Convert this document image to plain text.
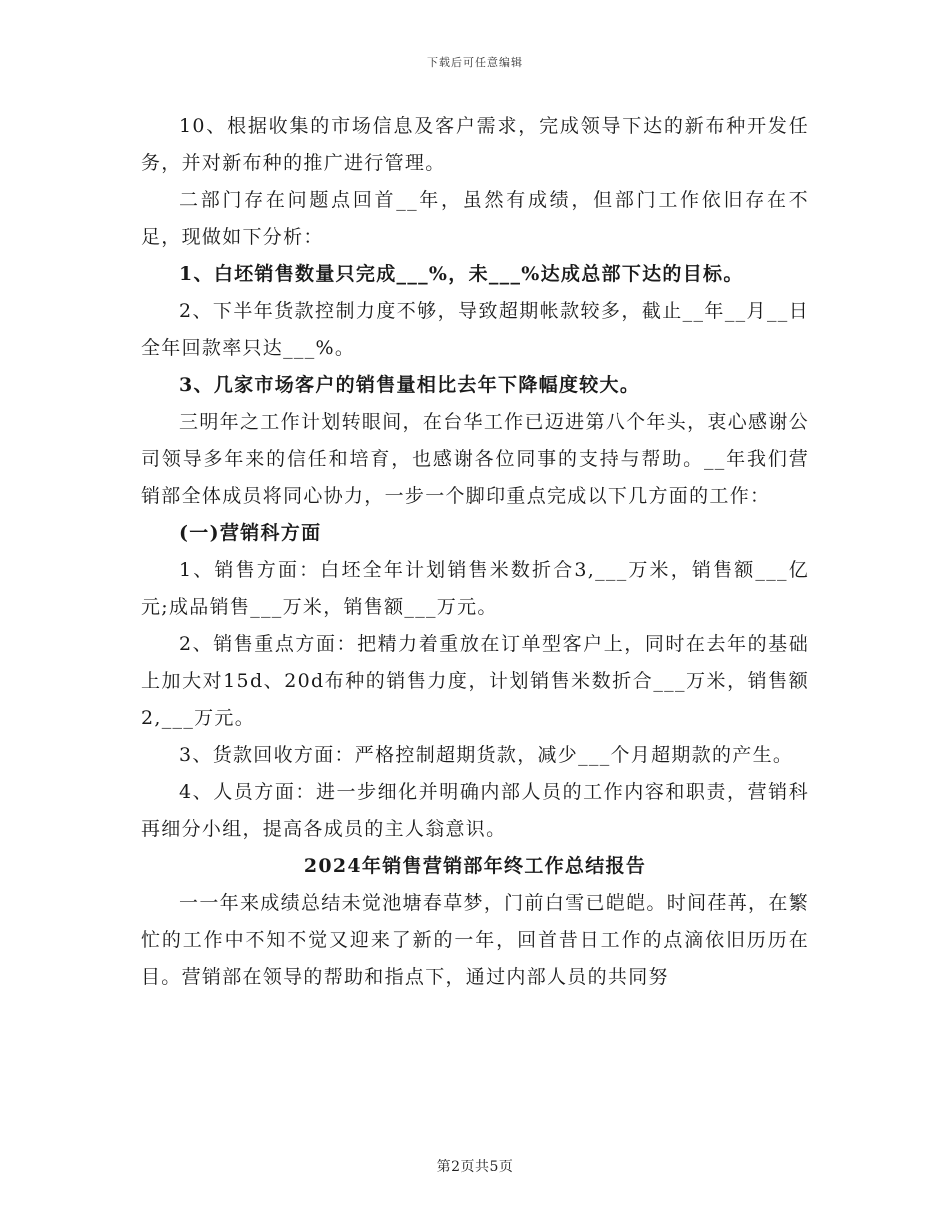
下载后可任意编辑

10、根据收集的市场信息及客户需求，完成领导下达的新布种开发任务，并对新布种的推广进行管理。

二部门存在问题点回首__年，虽然有成绩，但部门工作依旧存在不足，现做如下分析：

1、白坯销售数量只完成___%，未___%达成总部下达的目标。

2、下半年货款控制力度不够，导致超期帐款较多，截止__年__月__日全年回款率只达___%。

3、几家市场客户的销售量相比去年下降幅度较大。

三明年之工作计划转眼间，在台华工作已迈进第八个年头，衷心感谢公司领导多年来的信任和培育，也感谢各位同事的支持与帮助。__年我们营销部全体成员将同心协力，一步一个脚印重点完成以下几方面的工作：

(一)营销科方面

1、销售方面：白坯全年计划销售米数折合3,___万米，销售额___亿元;成品销售___万米，销售额___万元。

2、销售重点方面：把精力着重放在订单型客户上，同时在去年的基础上加大对15d、20d布种的销售力度，计划销售米数折合___万米，销售额2,___万元。

3、货款回收方面：严格控制超期货款，减少___个月超期款的产生。

4、人员方面：进一步细化并明确内部人员的工作内容和职责，营销科再细分小组，提高各成员的主人翁意识。

2024年销售营销部年终工作总结报告

一一年来成绩总结未觉池塘春草梦，门前白雪已皑皑。时间荏苒，在繁忙的工作中不知不觉又迎来了新的一年，回首昔日工作的点滴依旧历历在目。营销部在领导的帮助和指点下，通过内部人员的共同努

第2页共5页
